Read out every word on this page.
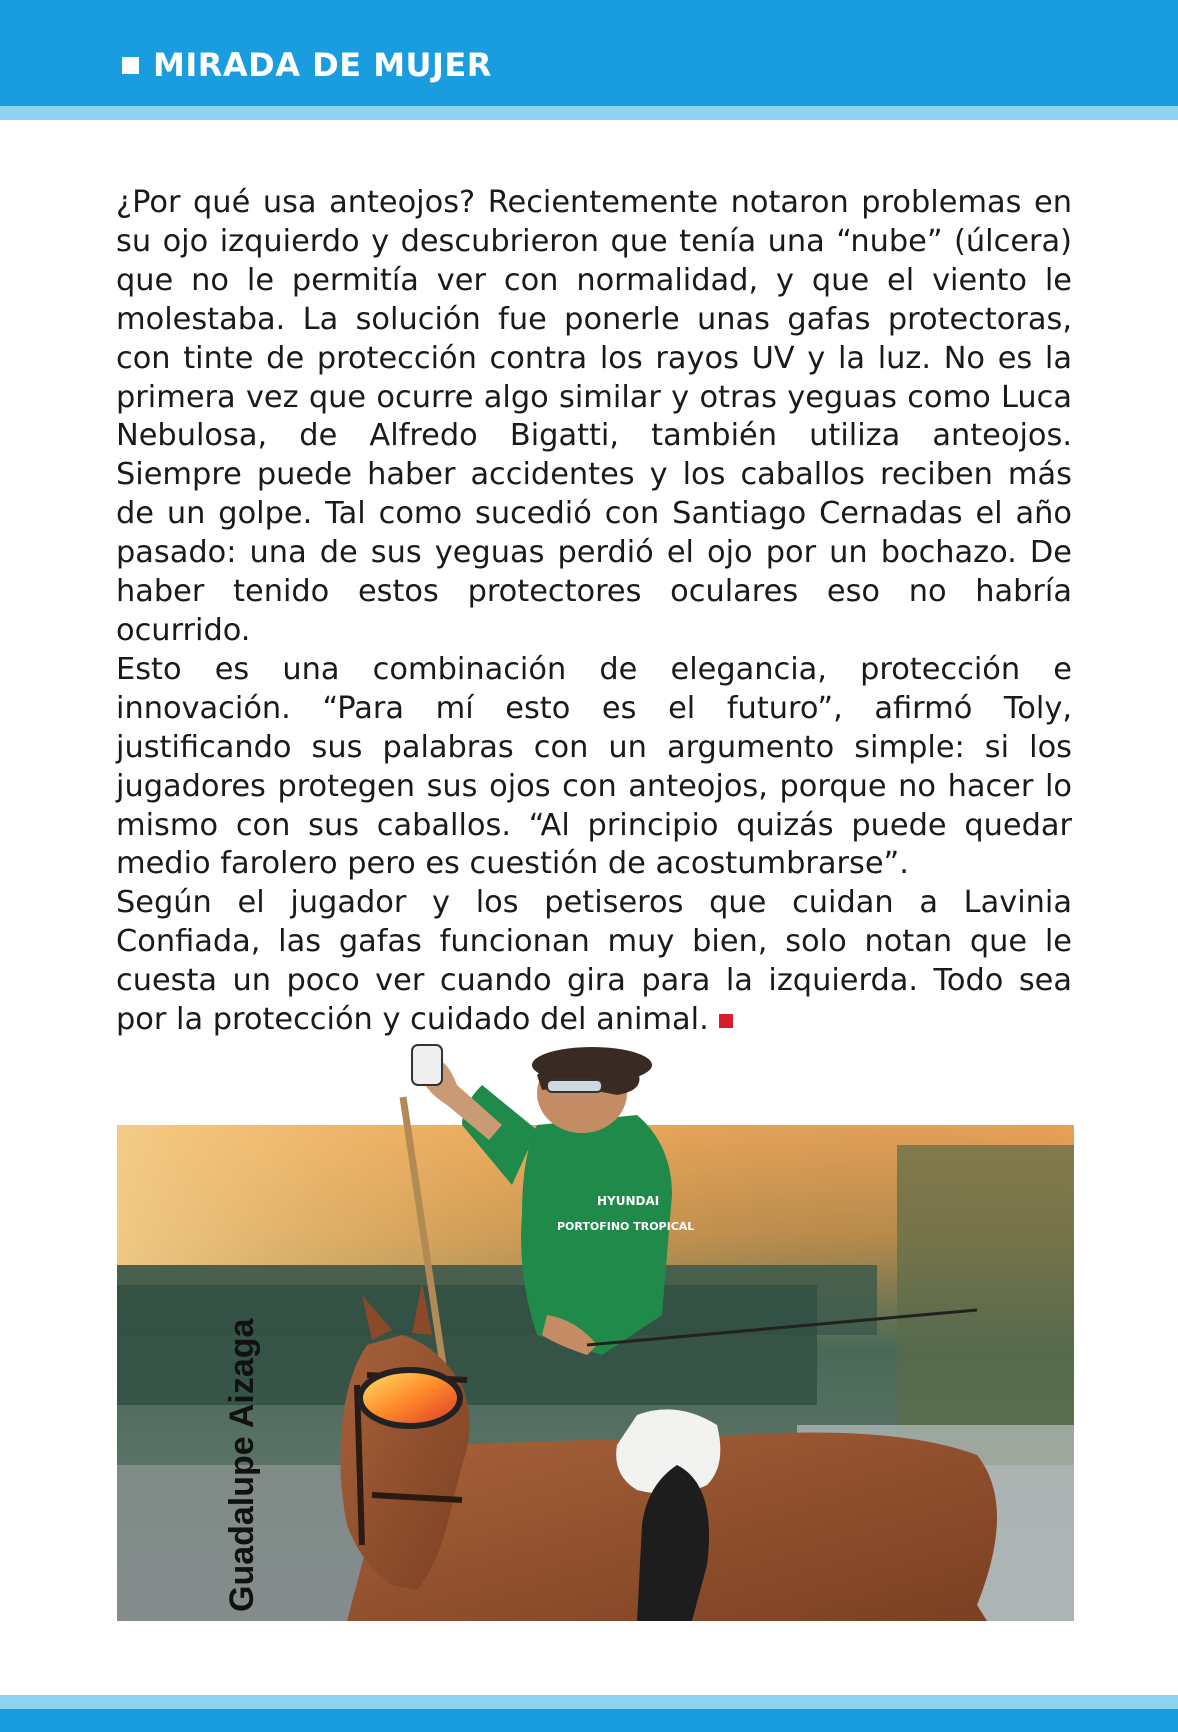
MIRADA DE MUJER

¿Por qué usa anteojos? Recientemente notaron problemas en su ojo izquierdo y descubrieron que tenía una “nube” (úlcera) que no le permitía ver con normalidad, y que el viento le molestaba. La solución fue ponerle unas gafas protectoras, con tinte de protección contra los rayos UV y la luz. No es la primera vez que ocurre algo similar y otras yeguas como Luca Nebulosa, de Alfredo Bigatti, también utiliza anteojos. Siempre puede haber accidentes y los caballos reciben más de un golpe. Tal como sucedió con Santiago Cernadas el año pasado: una de sus yeguas perdió el ojo por un bochazo. De haber tenido estos protectores oculares eso no habría ocurrido.

Esto es una combinación de elegancia, protección e innovación. “Para mí esto es el futuro”, afirmó Toly, justificando sus palabras con un argumento simple: si los jugadores protegen sus ojos con anteojos, porque no hacer lo mismo con sus caballos. “Al principio quizás puede quedar medio farolero pero es cuestión de acostumbrarse”.

Según el jugador y los petiseros que cuidan a Lavinia Confiada, las gafas funcionan muy bien, solo notan que le cuesta un poco ver cuando gira para la izquierda. Todo sea por la protección y cuidado del animal.

HYUNDAI
PORTOFINO TROPICAL
Guadalupe Aizaga
